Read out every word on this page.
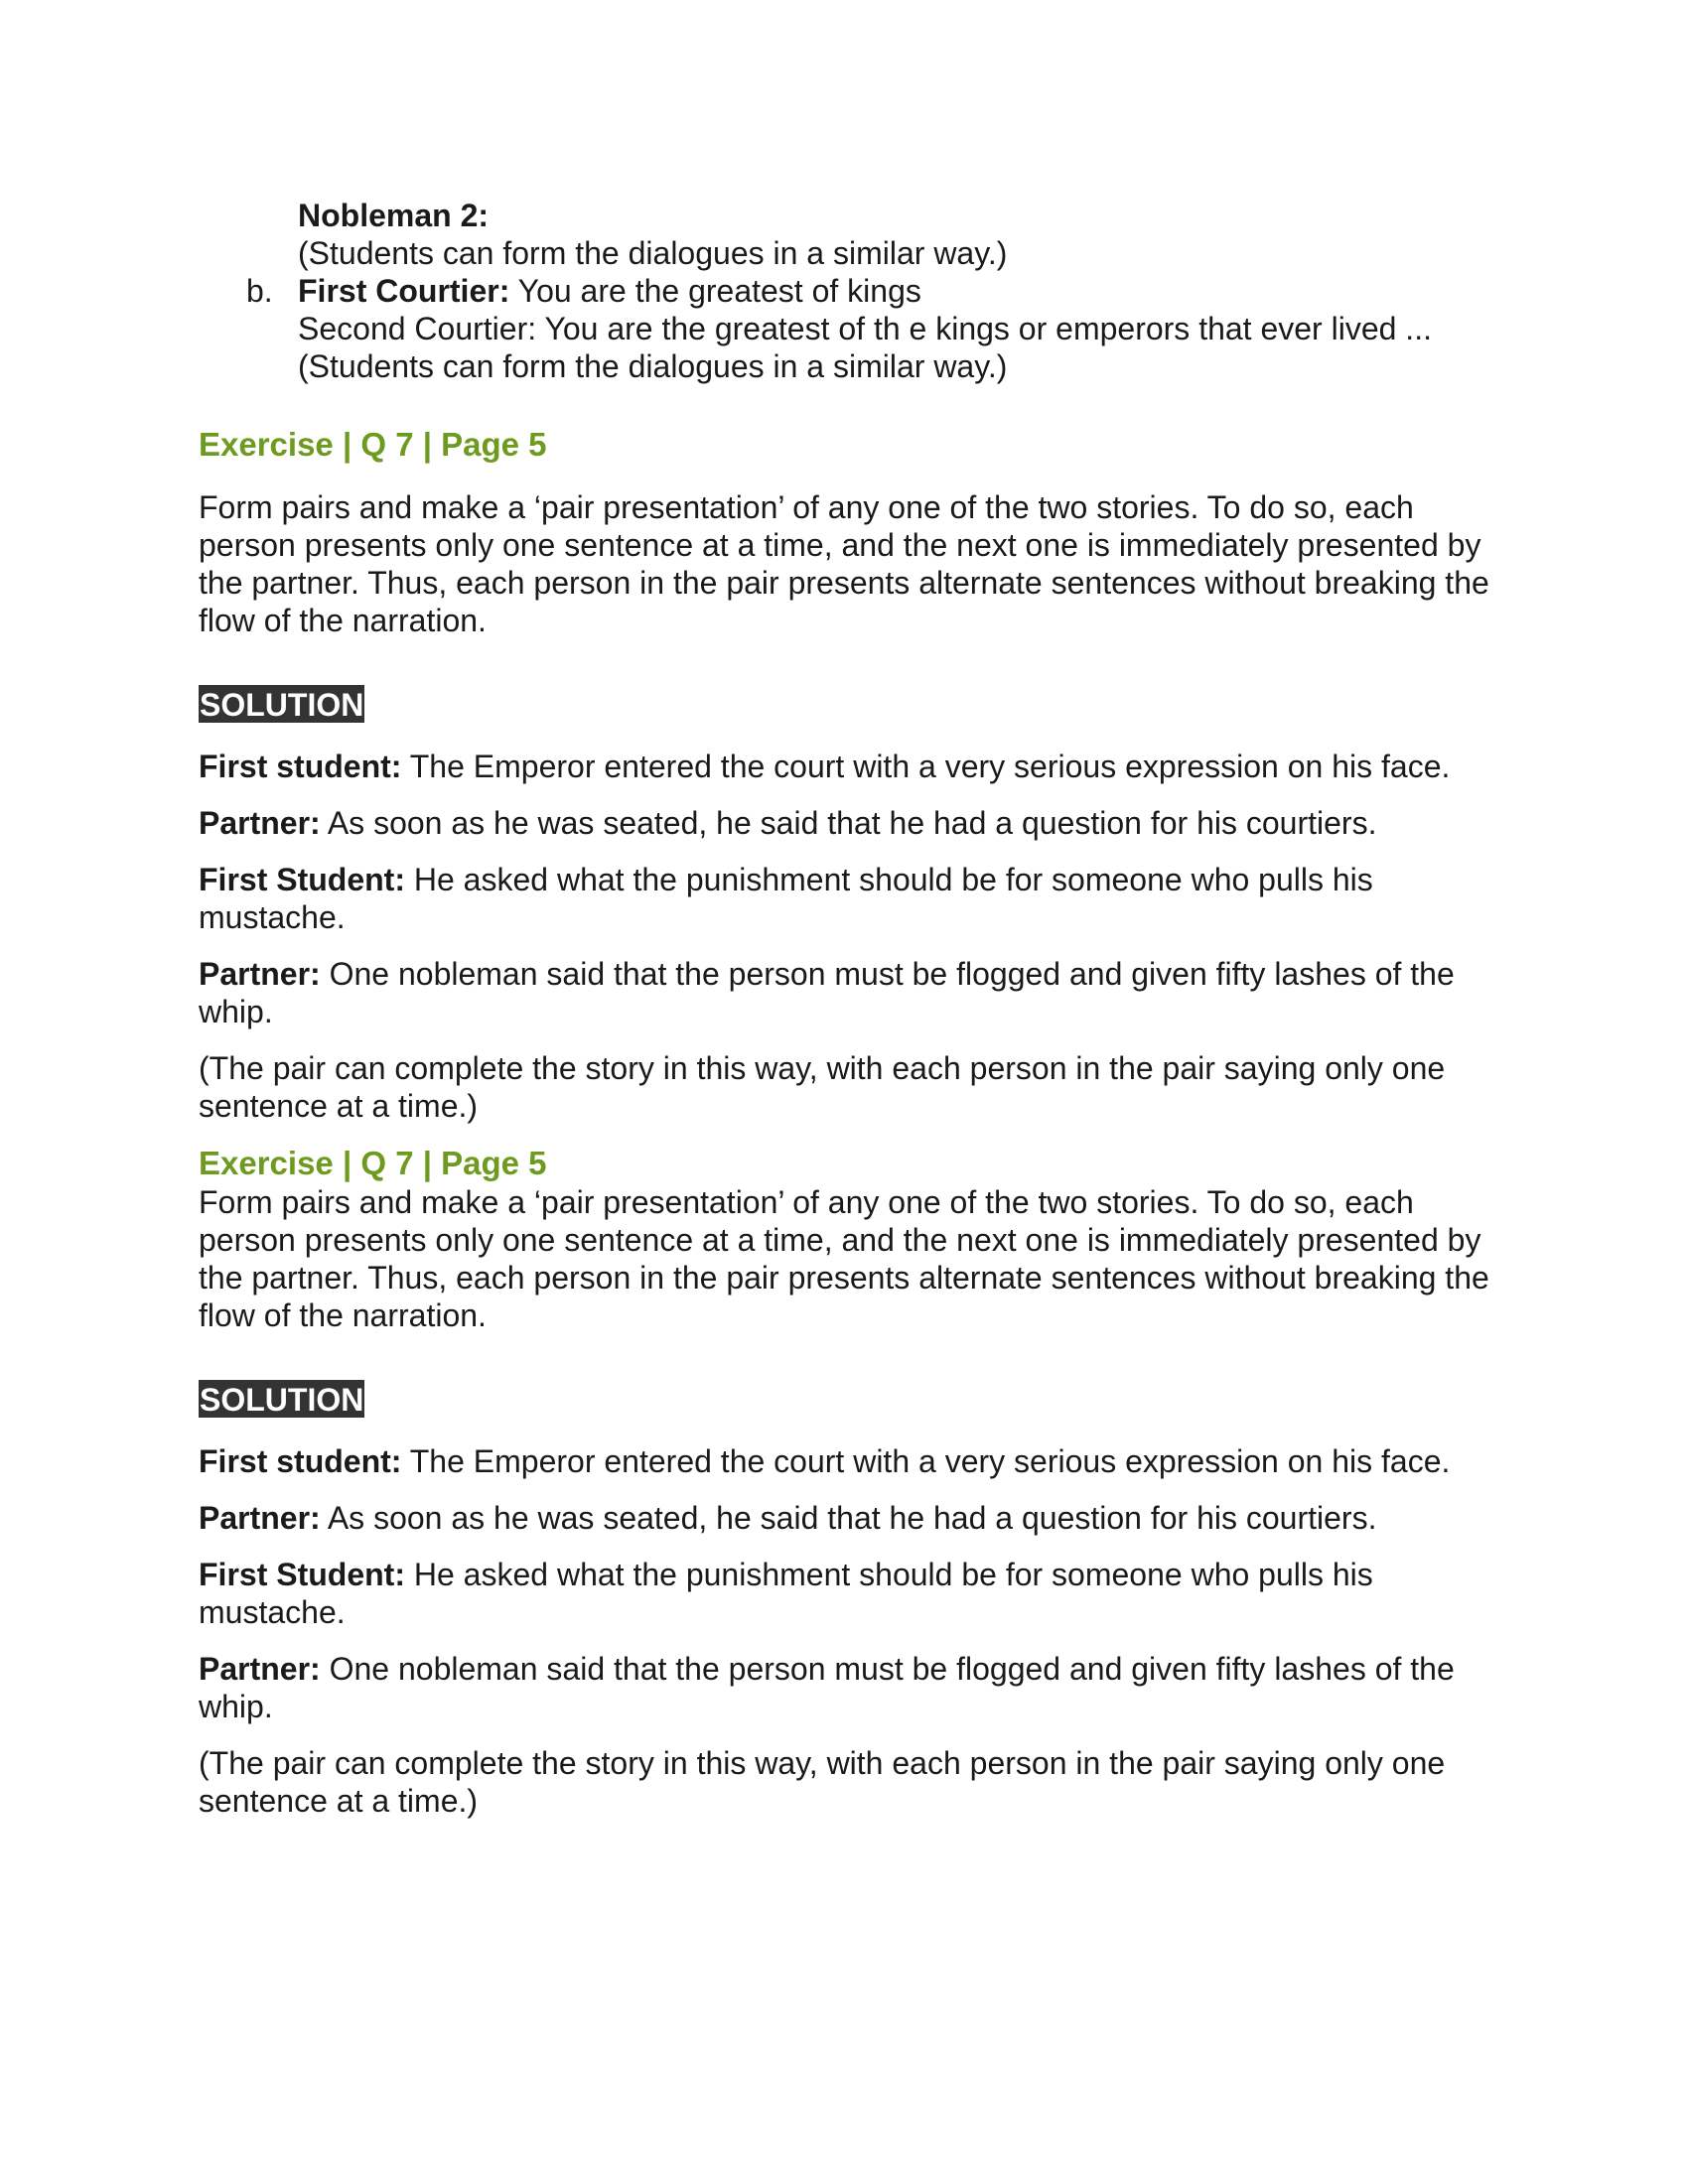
Nobleman 2:
(Students can form the dialogues in a similar way.)
b. First Courtier: You are the greatest of kings
Second Courtier: You are the greatest of th e kings or emperors that ever lived ...
(Students can form the dialogues in a similar way.)
Exercise | Q 7 | Page 5

Form pairs and make a ‘pair presentation’ of any one of the two stories. To do so, each person presents only one sentence at a time, and the next one is immediately presented by the partner. Thus, each person in the pair presents alternate sentences without breaking the flow of the narration.

SOLUTION

First student: The Emperor entered the court with a very serious expression on his face.

Partner: As soon as he was seated, he said that he had a question for his courtiers.

First Student: He asked what the punishment should be for someone who pulls his mustache.

Partner: One nobleman said that the person must be flogged and given fifty lashes of the whip.

(The pair can complete the story in this way, with each person in the pair saying only one sentence at a time.)

Exercise | Q 7 | Page 5

Form pairs and make a ‘pair presentation’ of any one of the two stories. To do so, each person presents only one sentence at a time, and the next one is immediately presented by the partner. Thus, each person in the pair presents alternate sentences without breaking the flow of the narration.

SOLUTION

First student: The Emperor entered the court with a very serious expression on his face.

Partner: As soon as he was seated, he said that he had a question for his courtiers.

First Student: He asked what the punishment should be for someone who pulls his mustache.

Partner: One nobleman said that the person must be flogged and given fifty lashes of the whip.

(The pair can complete the story in this way, with each person in the pair saying only one sentence at a time.)
